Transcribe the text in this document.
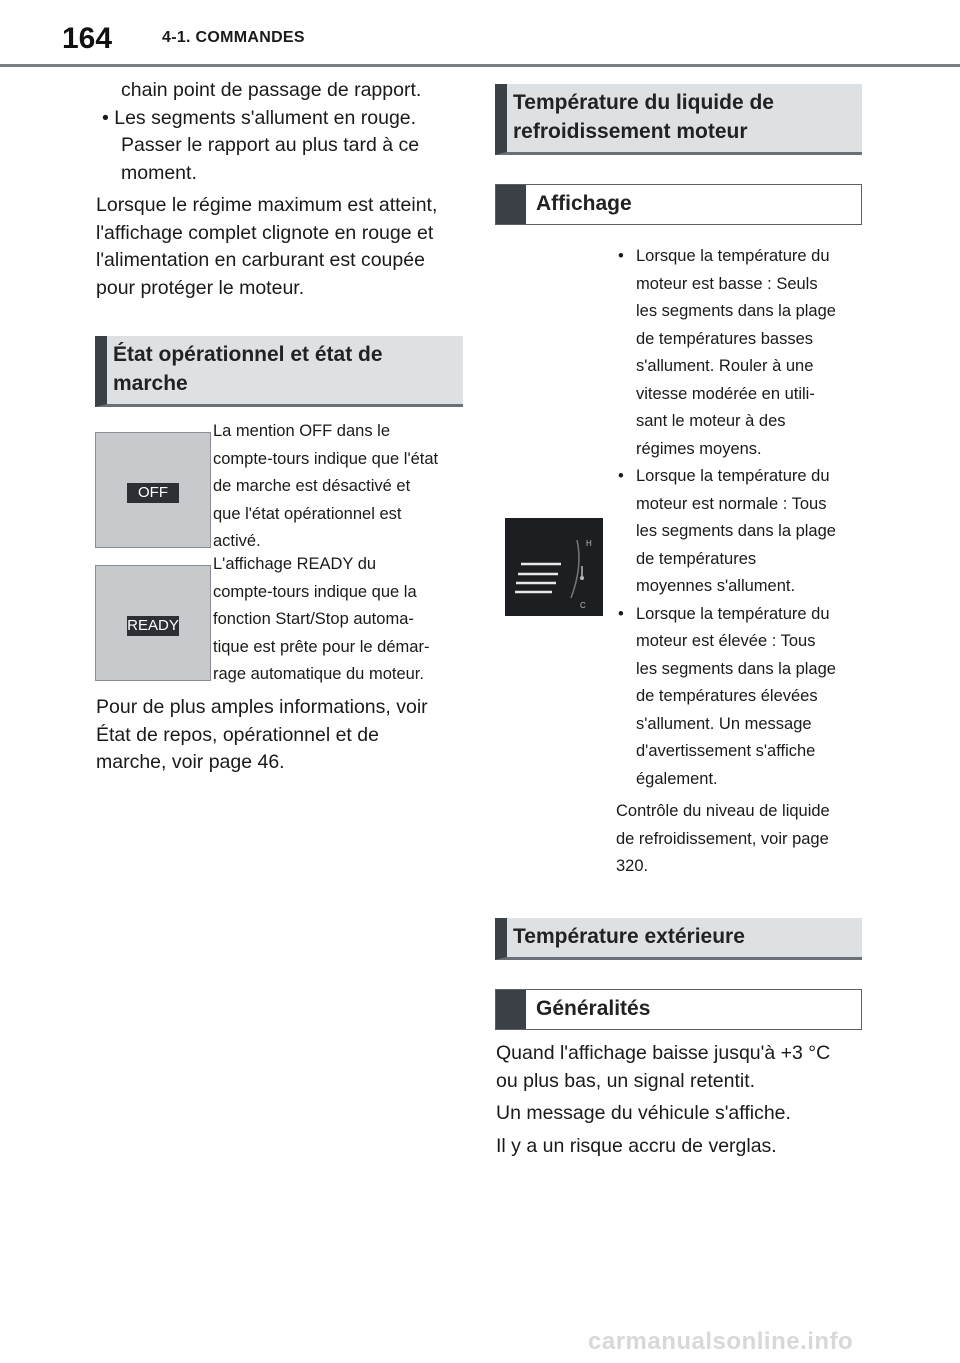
164	4-1. COMMANDES

chain point de passage de rapport.

• Les segments s'allument en rouge.

Passer le rapport au plus tard à ce

moment.

Lorsque le régime maximum est atteint,

l'affichage complet clignote en rouge et

l'alimentation en carburant est coupée

pour protéger le moteur.

État opérationnel et état de
marche
OFF

La mention OFF dans le

compte-tours indique que l'état

de marche est désactivé et

que l'état opérationnel est

activé.

READY

L'affichage READY du

compte-tours indique que la

fonction Start/Stop automa-

tique est prête pour le démar-

rage automatique du moteur.

Pour de plus amples informations, voir

État de repos, opérationnel et de

marche, voir page 46.

Température du liquide de
refroidissement moteur
Affichage
H
C
• Lorsque la température du
moteur est basse : Seuls
les segments dans la plage
de températures basses
s'allument. Rouler à une
vitesse modérée en utili-
sant le moteur à des
régimes moyens.
• Lorsque la température du
moteur est normale : Tous
les segments dans la plage
de températures
moyennes s'allument.
• Lorsque la température du
moteur est élevée : Tous
les segments dans la plage
de températures élevées
s'allument. Un message
d'avertissement s'affiche
également.

Contrôle du niveau de liquide

de refroidissement, voir page

320.

Température extérieure
Généralités

Quand l'affichage baisse jusqu'à +3 °C

ou plus bas, un signal retentit.

Un message du véhicule s'affiche.

Il y a un risque accru de verglas.

carmanualsonline.info
